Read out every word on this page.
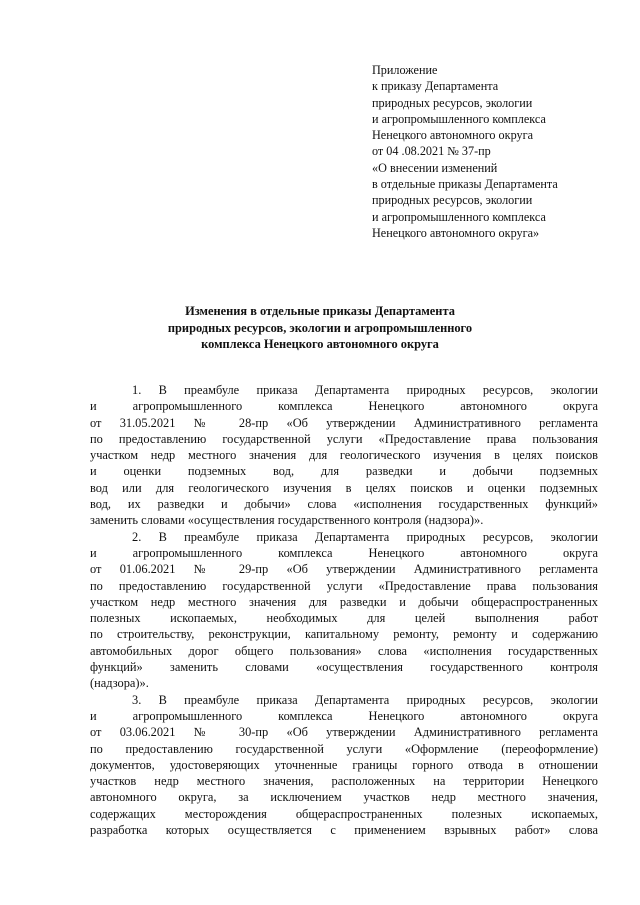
Приложение
к приказу Департамента
природных ресурсов, экологии
и агропромышленного комплекса
Ненецкого автономного округа
от 04 .08.2021 № 37-пр
«О внесении изменений
в отдельные приказы Департамента
природных ресурсов, экологии
и агропромышленного комплекса
Ненецкого автономного округа»
Изменения в отдельные приказы Департамента
природных ресурсов, экологии и агропромышленного
комплекса Ненецкого автономного округа
1. В преамбуле приказа Департамента природных ресурсов, экологии
и агропромышленного комплекса Ненецкого автономного округа
от 31.05.2021 № 28-пр «Об утверждении Административного регламента
по предоставлению государственной услуги «Предоставление права пользования
участком недр местного значения для геологического изучения в целях поисков
и оценки подземных вод, для разведки и добычи подземных
вод или для геологического изучения в целях поисков и оценки подземных
вод, их разведки и добычи» слова «исполнения государственных функций»
заменить словами «осуществления государственного контроля (надзора)».
2. В преамбуле приказа Департамента природных ресурсов, экологии
и агропромышленного комплекса Ненецкого автономного округа
от 01.06.2021 № 29-пр «Об утверждении Административного регламента
по предоставлению государственной услуги «Предоставление права пользования
участком недр местного значения для разведки и добычи общераспространенных
полезных ископаемых, необходимых для целей выполнения работ
по строительству, реконструкции, капитальному ремонту, ремонту и содержанию
автомобильных дорог общего пользования» слова «исполнения государственных
функций» заменить словами «осуществления государственного контроля
(надзора)».
3. В преамбуле приказа Департамента природных ресурсов, экологии
и агропромышленного комплекса Ненецкого автономного округа
от 03.06.2021 № 30-пр «Об утверждении Административного регламента
по предоставлению государственной услуги «Оформление (переоформление)
документов, удостоверяющих уточненные границы горного отвода в отношении
участков недр местного значения, расположенных на территории Ненецкого
автономного округа, за исключением участков недр местного значения,
содержащих месторождения общераспространенных полезных ископаемых,
разработка которых осуществляется с применением взрывных работ» слова
